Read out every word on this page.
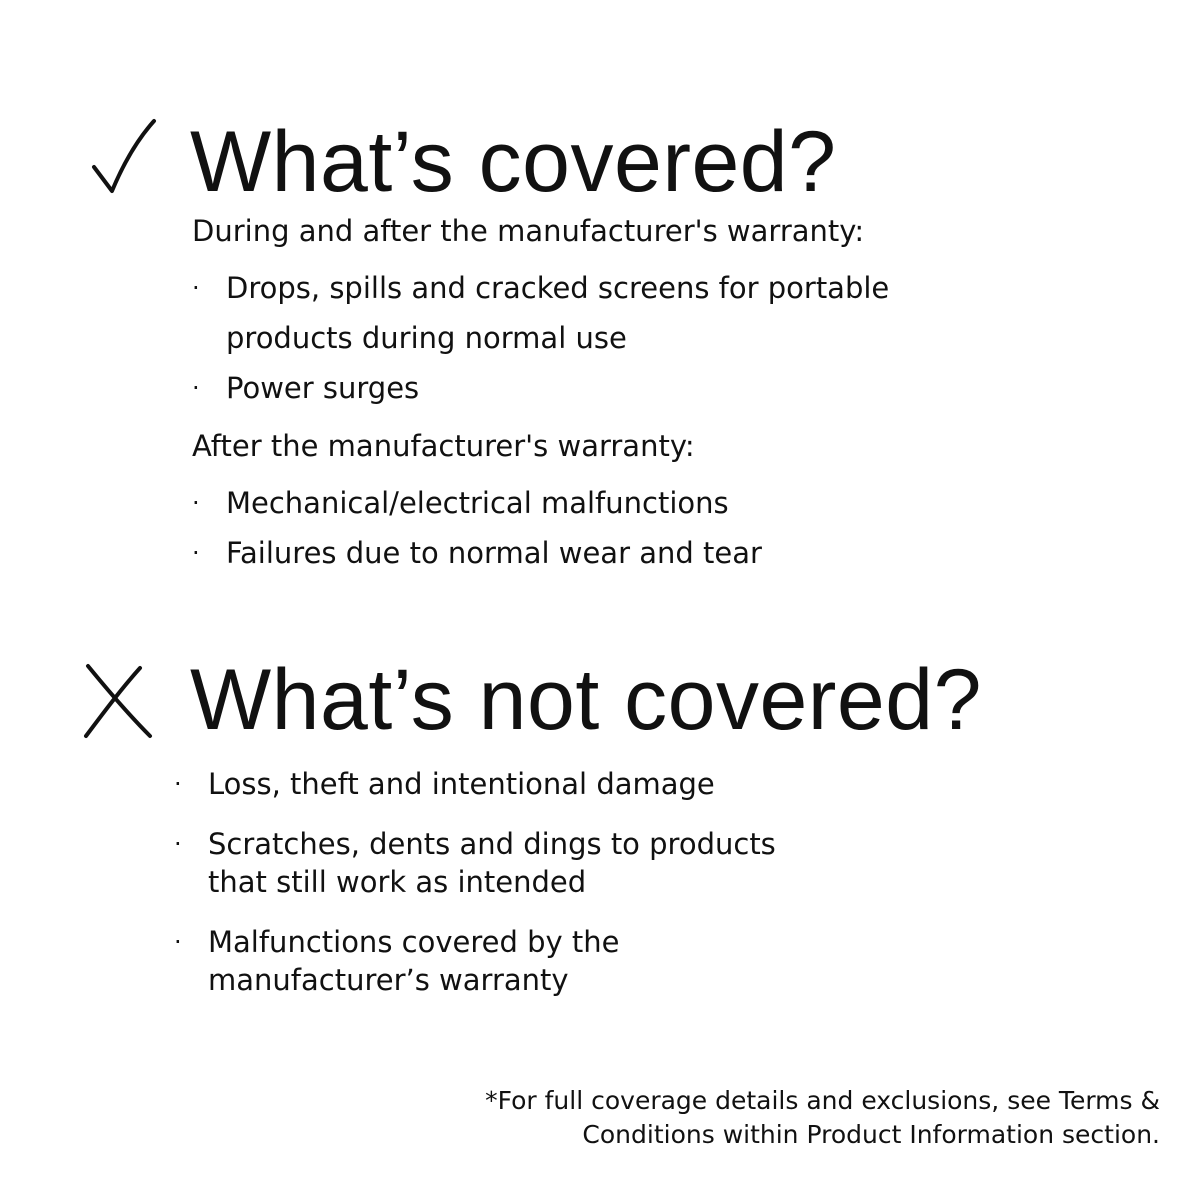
What’s covered?
During and after the manufacturer's warranty:
· Drops, spills and cracked screens for portable
products during normal use
· Power surges
After the manufacturer's warranty:
· Mechanical/electrical malfunctions
· Failures due to normal wear and tear
What’s not covered?
· Loss, theft and intentional damage
· Scratches, dents and dings to products
that still work as intended
· Malfunctions covered by the
manufacturer’s warranty
*For full coverage details and exclusions, see Terms &
Conditions within Product Information section.
